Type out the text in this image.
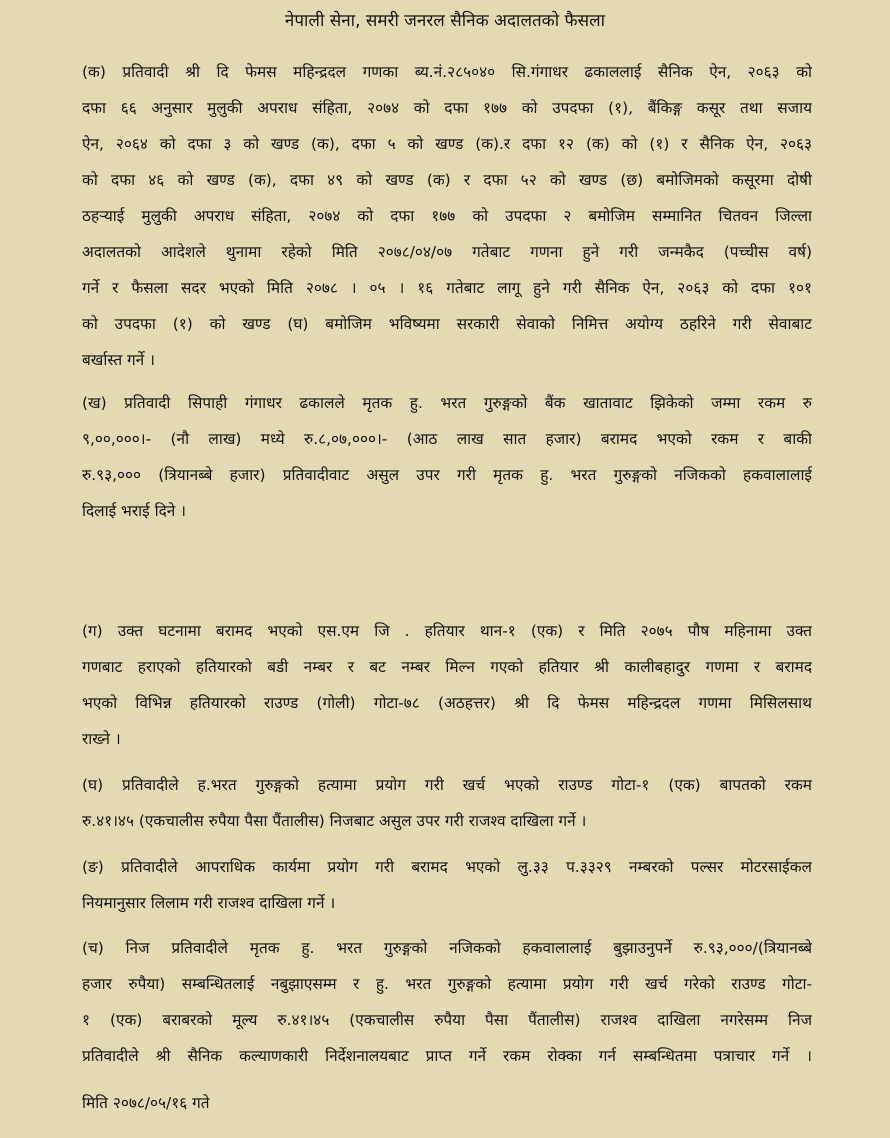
नेपाली सेना, समरी जनरल सैनिक अदालतको फैसला
(क) प्रतिवादी श्री दि फेमस महिन्द्रदल गणका ब्य.नं.२८५०४० सि.गंगाधर ढकाललाई सैनिक ऐन, २०६३ को
दफा ६६ अनुसार मुलुकी अपराध संहिता, २०७४ को दफा १७७ को उपदफा (१), बैंकिङ्ग कसूर तथा सजाय
ऐन, २०६४ को दफा ३ को खण्ड (क), दफा ५ को खण्ड (क).र दफा १२ (क) को (१) र सैनिक ऐन, २०६३
को दफा ४६ को खण्ड (क), दफा ४९ को खण्ड (क) र दफा ५२ को खण्ड (छ) बमोजिमको कसूरमा दोषी
ठहऱ्याई मुलुकी अपराध संहिता, २०७४ को दफा १७७ को उपदफा २ बमोजिम सम्मानित चितवन जिल्ला
अदालतको आदेशले थुनामा रहेको मिति २०७८/०४/०७ गतेबाट गणना हुने गरी जन्मकैद (पच्चीस वर्ष)
गर्ने र फैसला सदर भएको मिति २०७८ । ०५ । १६ गतेबाट लागू हुने गरी सैनिक ऐन, २०६३ को दफा १०१
को उपदफा (१) को खण्ड (घ) बमोजिम भविष्यमा सरकारी सेवाको निमित्त अयोग्य ठहरिने गरी सेवाबाट
बर्खास्त गर्ने ।
(ख) प्रतिवादी सिपाही गंगाधर ढकालले मृतक हु. भरत गुरुङ्गको बैंक खातावाट झिकेको जम्मा रकम रु
९,००,०००।- (नौ लाख) मध्ये रु.८,०७,०००।- (आठ लाख सात हजार) बरामद भएको रकम र बाकी
रु.९३,००० (त्रियानब्बे हजार) प्रतिवादीवाट असुल उपर गरी मृतक हु. भरत गुरुङ्गको नजिकको हकवालालाई
दिलाई भराई दिने ।
(ग) उक्त घटनामा बरामद भएको एस.एम जि . हतियार थान-१ (एक) र मिति २०७५ पौष महिनामा उक्त
गणबाट हराएको हतियारको बडी नम्बर र बट नम्बर मिल्न गएको हतियार श्री कालीबहादुर गणमा र बरामद
भएको विभिन्न हतियारको राउण्ड (गोली) गोटा-७८ (अठहत्तर) श्री दि फेमस महिन्द्रदल गणमा मिसिलसाथ
राख्ने ।
(घ) प्रतिवादीले ह.भरत गुरुङ्गको हत्यामा प्रयोग गरी खर्च भएको राउण्ड गोटा-१ (एक) बापतको रकम
रु.४१।४५ (एकचालीस रुपैया पैसा पैंतालीस) निजबाट असुल उपर गरी राजश्व दाखिला गर्ने ।
(ङ) प्रतिवादीले आपराधिक कार्यमा प्रयोग गरी बरामद भएको लु.३३ प.३३२९ नम्बरको पल्सर मोटरसाईकल
नियमानुसार लिलाम गरी राजश्व दाखिला गर्ने ।
(च) निज प्रतिवादीले मृतक हु. भरत गुरुङ्गको नजिकको हकवालालाई बुझाउनुपर्ने रु.९३,०००/(त्रियानब्बे
हजार रुपैया) सम्बन्धितलाई नबुझाएसम्म र हु. भरत गुरुङ्गको हत्यामा प्रयोग गरी खर्च गरेको राउण्ड गोटा-
१ (एक) बराबरको मूल्य रु.४१।४५ (एकचालीस रुपैया पैसा पैंतालीस) राजश्व दाखिला नगरेसम्म निज
प्रतिवादीले श्री सैनिक कल्याणकारी निर्देशनालयबाट प्राप्त गर्ने रकम रोक्का गर्न सम्बन्धितमा पत्राचार गर्ने ।
मिति २०७८/०५/१६ गते
